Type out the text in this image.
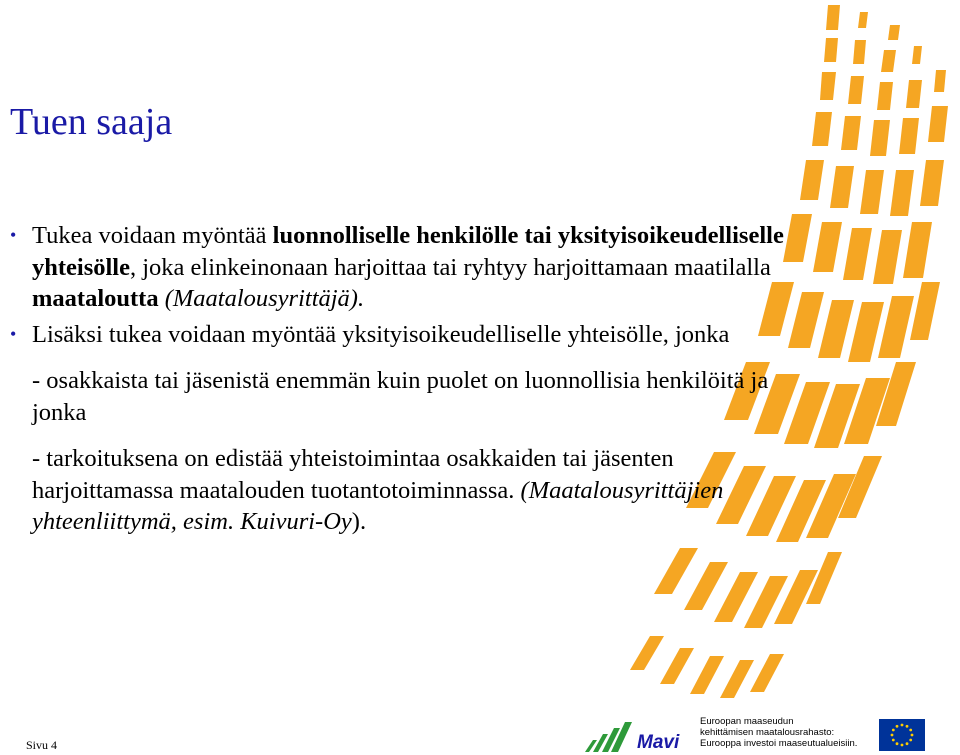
Tuen saaja
• Tukea voidaan myöntää luonnolliselle henkilölle tai yksityisoikeudelliselle yhteisölle, joka elinkeinonaan harjoittaa tai ryhtyy harjoittamaan maatilalla maataloutta (Maatalousyrittäjä).

• Lisäksi tukea voidaan myöntää yksityisoikeudelliselle yhteisölle, jonka

- osakkaista tai jäsenistä enemmän kuin puolet on luonnollisia henkilöitä ja jonka

- tarkoituksena on edistää yhteistoimintaa osakkaiden tai jäsenten harjoittamassa maatalouden tuotantotoiminnassa. (Maatalousyrittäjien yhteenliittymä, esim. Kuivuri-Oy).

Sivu 4	Mavi
Euroopan maaseudun
kehittämisen maatalousrahasto:
Eurooppa investoi maaseutualueisiin.
